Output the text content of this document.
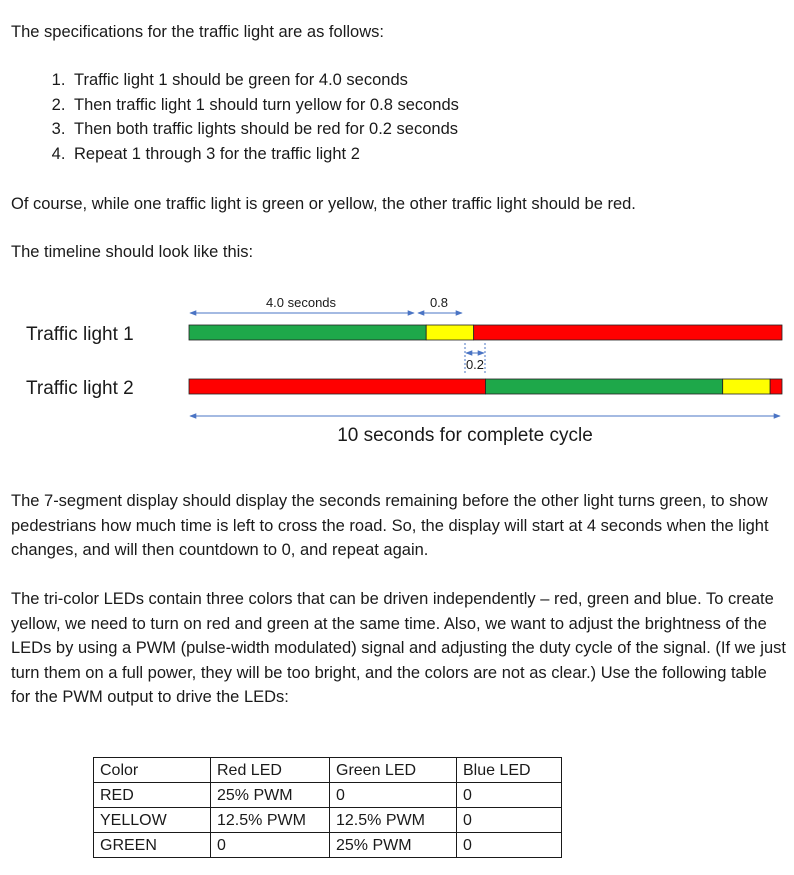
The specifications for the traffic light are as follows:

1. Traffic light 1 should be green for 4.0 seconds
2. Then traffic light 1 should turn yellow for 0.8 seconds
3. Then both traffic lights should be red for 0.2 seconds
4. Repeat 1 through 3 for the traffic light 2

Of course, while one traffic light is green or yellow, the other traffic light should be red.

The timeline should look like this:

4.0 seconds	0.8
Traffic light 1
Traffic light 2
0.2
10 seconds for complete cycle

The 7-segment display should display the seconds remaining before the other light turns green, to show pedestrians how much time is left to cross the road. So, the display will start at 4 seconds when the light changes, and will then countdown to 0, and repeat again.

The tri-color LEDs contain three colors that can be driven independently – red, green and blue. To create yellow, we need to turn on red and green at the same time. Also, we want to adjust the brightness of the LEDs by using a PWM (pulse-width modulated) signal and adjusting the duty cycle of the signal. (If we just turn them on a full power, they will be too bright, and the colors are not as clear.) Use the following table for the PWM output to drive the LEDs:

Color	Red LED	Green LED	Blue LED
RED	25% PWM	0	0
YELLOW	12.5% PWM	12.5% PWM	0
GREEN	0	25% PWM	0
